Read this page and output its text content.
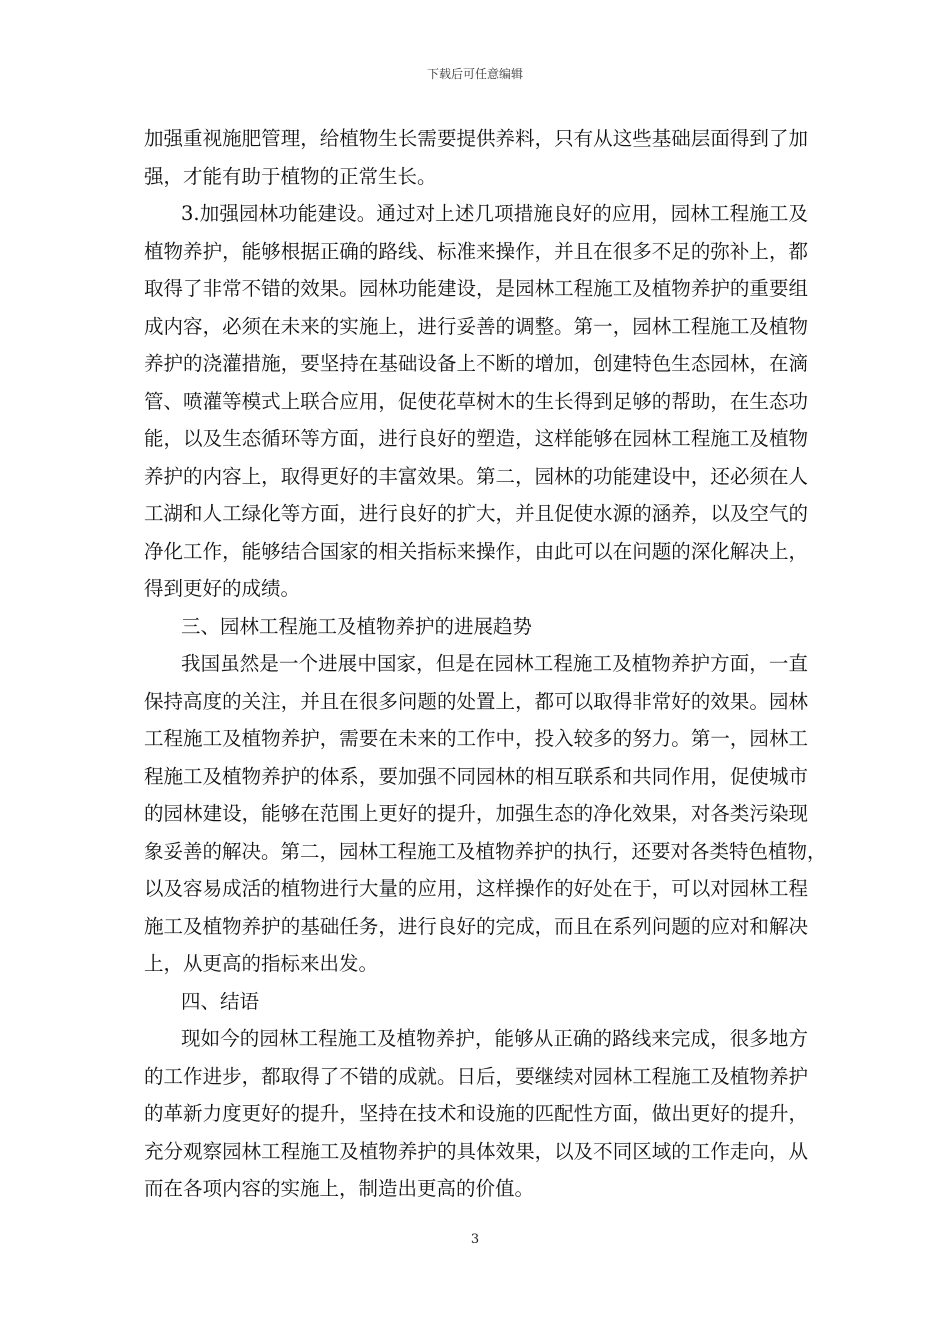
下载后可任意编辑
加强重视施肥管理，给植物生长需要提供养料，只有从这些基础层面得到了加
强，才能有助于植物的正常生长。
3.加强园林功能建设。通过对上述几项措施良好的应用，园林工程施工及
植物养护，能够根据正确的路线、标准来操作，并且在很多不足的弥补上，都
取得了非常不错的效果。园林功能建设，是园林工程施工及植物养护的重要组
成内容，必须在未来的实施上，进行妥善的调整。第一，园林工程施工及植物
养护的浇灌措施，要坚持在基础设备上不断的增加，创建特色生态园林，在滴
管、喷灌等模式上联合应用，促使花草树木的生长得到足够的帮助，在生态功
能，以及生态循环等方面，进行良好的塑造，这样能够在园林工程施工及植物
养护的内容上，取得更好的丰富效果。第二，园林的功能建设中，还必须在人
工湖和人工绿化等方面，进行良好的扩大，并且促使水源的涵养，以及空气的
净化工作，能够结合国家的相关指标来操作，由此可以在问题的深化解决上，
得到更好的成绩。
三、园林工程施工及植物养护的进展趋势
我国虽然是一个进展中国家，但是在园林工程施工及植物养护方面，一直
保持高度的关注，并且在很多问题的处置上，都可以取得非常好的效果。园林
工程施工及植物养护，需要在未来的工作中，投入较多的努力。第一，园林工
程施工及植物养护的体系，要加强不同园林的相互联系和共同作用，促使城市
的园林建设，能够在范围上更好的提升，加强生态的净化效果，对各类污染现
象妥善的解决。第二，园林工程施工及植物养护的执行，还要对各类特色植物，
以及容易成活的植物进行大量的应用，这样操作的好处在于，可以对园林工程
施工及植物养护的基础任务，进行良好的完成，而且在系列问题的应对和解决
上，从更高的指标来出发。
四、结语
现如今的园林工程施工及植物养护，能够从正确的路线来完成，很多地方
的工作进步，都取得了不错的成就。日后，要继续对园林工程施工及植物养护
的革新力度更好的提升，坚持在技术和设施的匹配性方面，做出更好的提升，
充分观察园林工程施工及植物养护的具体效果，以及不同区域的工作走向，从
而在各项内容的实施上，制造出更高的价值。
3
